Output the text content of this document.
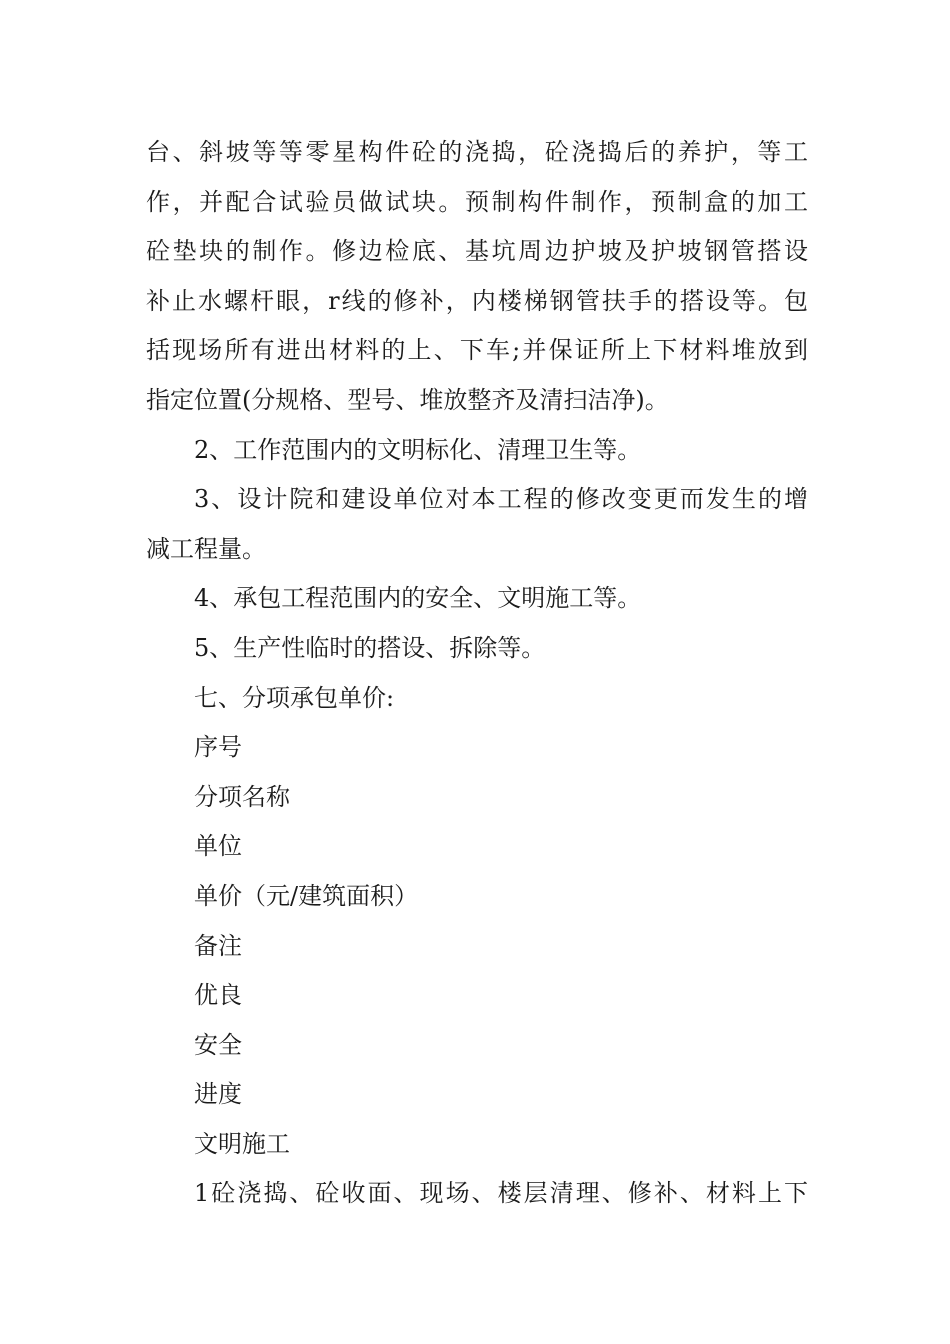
台、斜坡等等零星构件砼的浇捣，砼浇捣后的养护，等工
作，并配合试验员做试块。预制构件制作，预制盒的加工
砼垫块的制作。修边检底、基坑周边护坡及护坡钢管搭设
补止水螺杆眼，r线的修补，内楼梯钢管扶手的搭设等。包
括现场所有进出材料的上、下车;并保证所上下材料堆放到
指定位置(分规格、型号、堆放整齐及清扫洁净)。
2、工作范围内的文明标化、清理卫生等。
3、设计院和建设单位对本工程的修改变更而发生的增
减工程量。
4、承包工程范围内的安全、文明施工等。
5、生产性临时的搭设、拆除等。
七、分项承包单价:
序号
分项名称
单位
单价（元/建筑面积）
备注
优良
安全
进度
文明施工
1砼浇捣、砼收面、现场、楼层清理、修补、材料上下
